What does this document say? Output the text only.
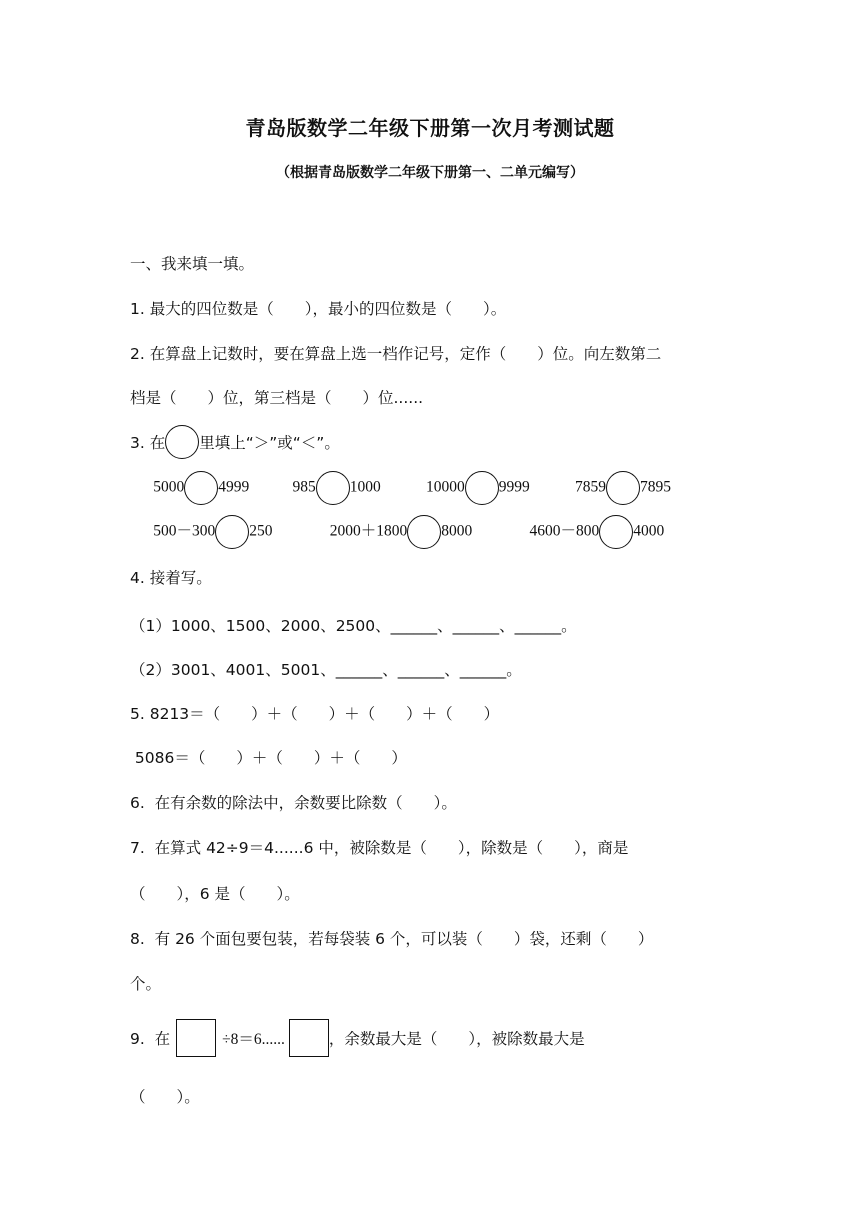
青岛版数学二年级下册第一次月考测试题
（根据青岛版数学二年级下册第一、二单元编写）
一、我来填一填。
1. 最大的四位数是（　　），最小的四位数是（　　）。
2. 在算盘上记数时，要在算盘上选一档作记号，定作（　　）位。向左数第二
档是（　　）位，第三档是（　　）位......
3. 在 里填上“＞”或“＜”。

5000 4999
	985 1000
	10000 9999
	7859 7895

500－300 250
	2000＋1800 8000
	4600－800 4000

4. 接着写。
（1）1000、1500、2000、2500、______、______、______。
（2）3001、4001、5001、______、______、______。
5. 8213＝（　　）＋（　　）＋（　　）＋（　　）
5086＝（　　）＋（　　）＋（　　）
6.  在有余数的除法中，余数要比除数（　　）。
7.  在算式 42÷9＝4......6 中，被除数是（　　），除数是（　　），商是
（　　），6 是（　　）。
8.  有 26 个面包要包装，若每袋装 6 个，可以装（　　）袋，还剩（　　）
个。
9.  在	÷8＝6......	，余数最大是（　　），被除数最大是
（　　）。
